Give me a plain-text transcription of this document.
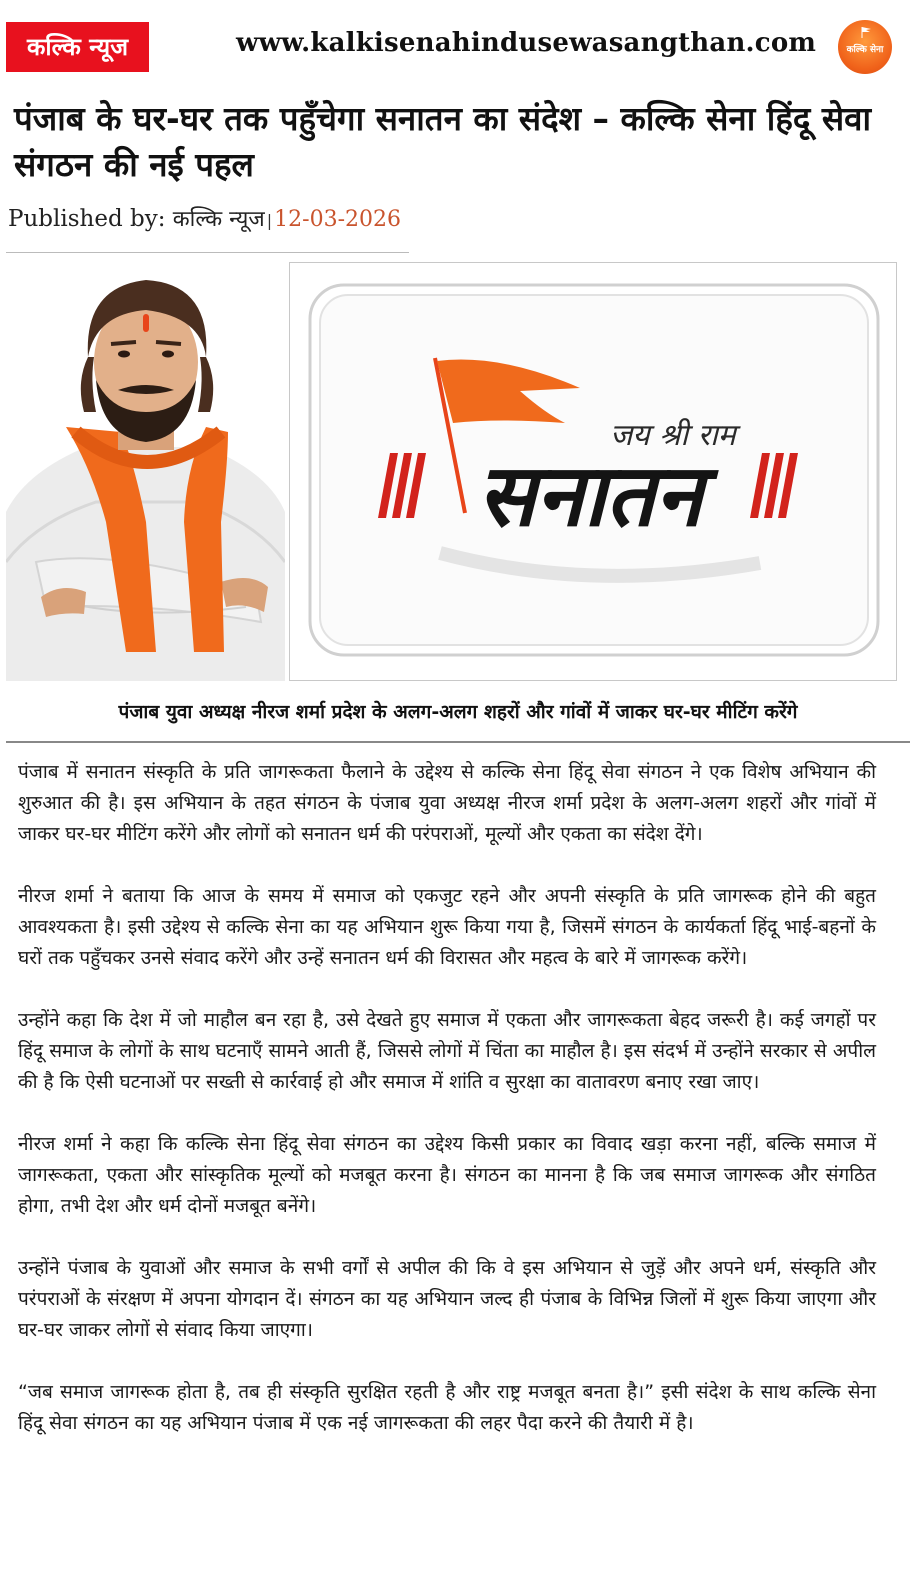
कल्कि न्यूज	www.kalkisenahindusewasangthan.com	कल्कि सेना
पंजाब के घर-घर तक पहुँचेगा सनातन का संदेश – कल्कि सेना हिंदू सेवा संगठन की नई पहल
Published by: कल्कि न्यूज |12-03-2026
जय श्री राम
सनातन
पंजाब युवा अध्यक्ष नीरज शर्मा प्रदेश के अलग-अलग शहरों और गांवों में जाकर घर-घर मीटिंग करेंगे

पंजाब में सनातन संस्कृति के प्रति जागरूकता फैलाने के उद्देश्य से कल्कि सेना हिंदू सेवा संगठन ने एक विशेष अभियान की शुरुआत की है। इस अभियान के तहत संगठन के पंजाब युवा अध्यक्ष नीरज शर्मा प्रदेश के अलग-अलग शहरों और गांवों में जाकर घर-घर मीटिंग करेंगे और लोगों को सनातन धर्म की परंपराओं, मूल्यों और एकता का संदेश देंगे।

नीरज शर्मा ने बताया कि आज के समय में समाज को एकजुट रहने और अपनी संस्कृति के प्रति जागरूक होने की बहुत आवश्यकता है। इसी उद्देश्य से कल्कि सेना का यह अभियान शुरू किया गया है, जिसमें संगठन के कार्यकर्ता हिंदू भाई-बहनों के घरों तक पहुँचकर उनसे संवाद करेंगे और उन्हें सनातन धर्म की विरासत और महत्व के बारे में जागरूक करेंगे।

उन्होंने कहा कि देश में जो माहौल बन रहा है, उसे देखते हुए समाज में एकता और जागरूकता बेहद जरूरी है। कई जगहों पर हिंदू समाज के लोगों के साथ घटनाएँ सामने आती हैं, जिससे लोगों में चिंता का माहौल है। इस संदर्भ में उन्होंने सरकार से अपील की है कि ऐसी घटनाओं पर सख्ती से कार्रवाई हो और समाज में शांति व सुरक्षा का वातावरण बनाए रखा जाए।

नीरज शर्मा ने कहा कि कल्कि सेना हिंदू सेवा संगठन का उद्देश्य किसी प्रकार का विवाद खड़ा करना नहीं, बल्कि समाज में जागरूकता, एकता और सांस्कृतिक मूल्यों को मजबूत करना है। संगठन का मानना है कि जब समाज जागरूक और संगठित होगा, तभी देश और धर्म दोनों मजबूत बनेंगे।

उन्होंने पंजाब के युवाओं और समाज के सभी वर्गों से अपील की कि वे इस अभियान से जुड़ें और अपने धर्म, संस्कृति और परंपराओं के संरक्षण में अपना योगदान दें। संगठन का यह अभियान जल्द ही पंजाब के विभिन्न जिलों में शुरू किया जाएगा और घर-घर जाकर लोगों से संवाद किया जाएगा।

“जब समाज जागरूक होता है, तब ही संस्कृति सुरक्षित रहती है और राष्ट्र मजबूत बनता है।” इसी संदेश के साथ कल्कि सेना हिंदू सेवा संगठन का यह अभियान पंजाब में एक नई जागरूकता की लहर पैदा करने की तैयारी में है।
